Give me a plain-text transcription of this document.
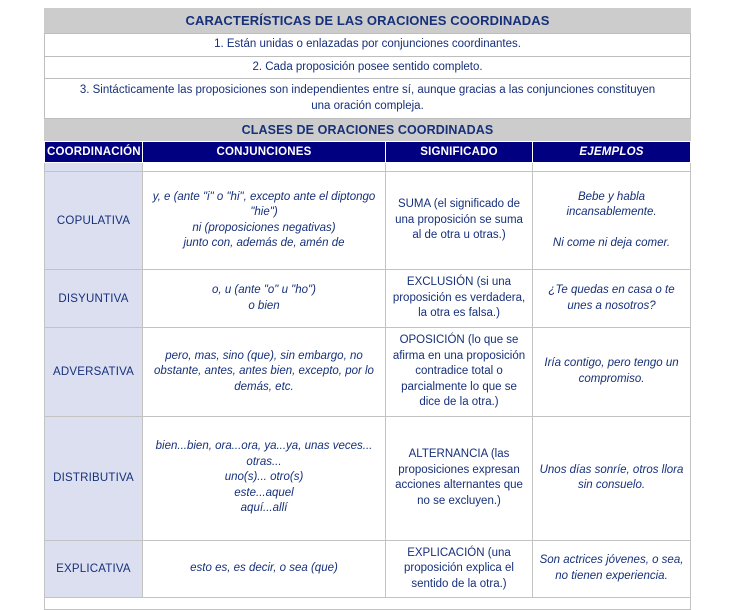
CARACTERÍSTICAS DE LAS ORACIONES COORDINADAS			
1. Están unidas o enlazadas por conjunciones coordinantes.			
2. Cada proposición posee sentido completo.			
3. Sintácticamente las proposiciones son independientes entre sí, aunque gracias a las conjunciones constituyen una oración compleja.			
CLASES DE ORACIONES COORDINADAS			
COORDINACIÓN	CONJUNCIONES	SIGNIFICADO	EJEMPLOS

COPULATIVA	y, e (ante "i" o "hi", excepto ante el diptongo "hie")
ni (proposiciones negativas)
junto con, además de, amén de	SUMA (el significado de una proposición se suma al de otra u otras.)	Bebe y habla incansablemente.

Ni come ni deja comer.
DISYUNTIVA	o, u (ante "o" u "ho")
o bien	EXCLUSIÓN (si una proposición es verdadera, la otra es falsa.)	¿Te quedas en casa o te unes a nosotros?
ADVERSATIVA	pero, mas, sino (que), sin embargo, no obstante, antes, antes bien, excepto, por lo demás, etc.	OPOSICIÓN (lo que se afirma en una proposición contradice total o parcialmente lo que se dice de la otra.)	Iría contigo, pero tengo un compromiso.
DISTRIBUTIVA	bien...bien, ora...ora, ya...ya, unas veces... otras...
uno(s)... otro(s)
este...aquel
aquí...allí	ALTERNANCIA (las proposiciones expresan acciones alternantes que no se excluyen.)	Unos días sonríe, otros llora sin consuelo.
EXPLICATIVA	esto es, es decir, o sea (que)	EXPLICACIÓN (una proposición explica el sentido de la otra.)	Son actrices jóvenes, o sea, no tienen experiencia.
